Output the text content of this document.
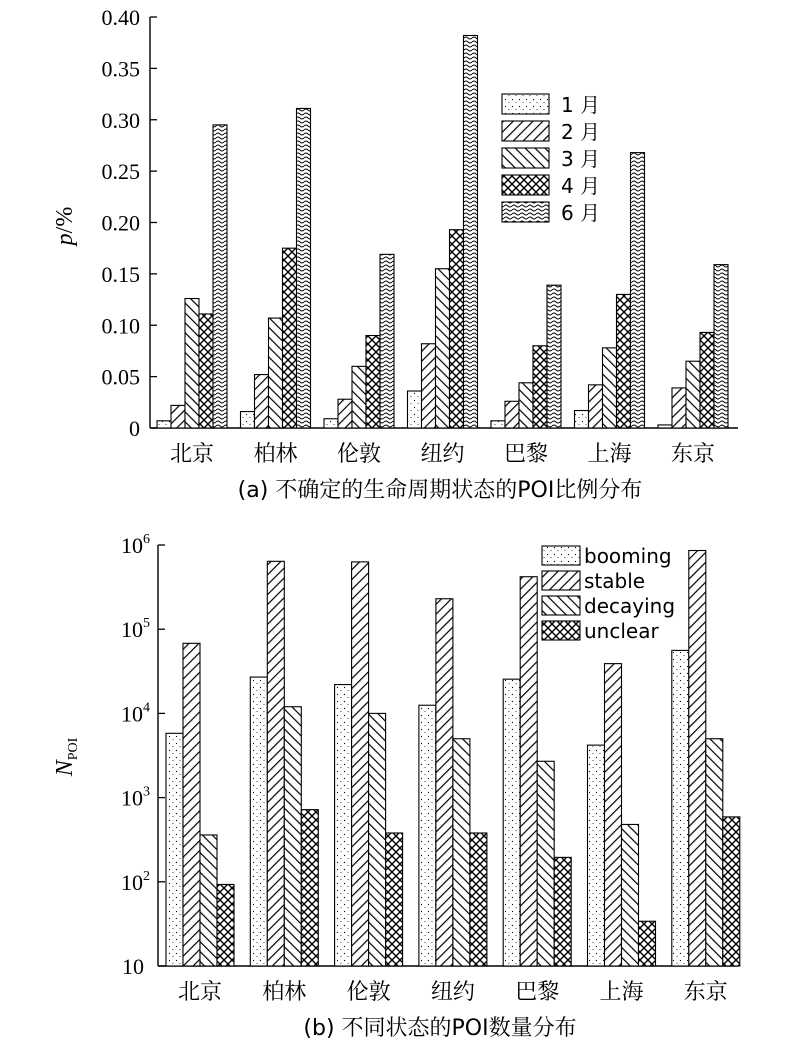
0
0.05
0.10
0.15
0.20
0.25
0.30
0.35
0.40
北京 柏林 伦敦 纽约 巴黎 上海 东京
1 月
2 月
3 月
4 月
6 月
p/%
(a) 不确定的生命周期状态的POI比例分布
10
$10^2$
$10^3$
$10^4$
$10^5$
$10^6$
北京 柏林 伦敦 纽约 巴黎 上海 东京
booming
stable
decaying
unclear
$N_{POI}$
(b) 不同状态的POI数量分布
